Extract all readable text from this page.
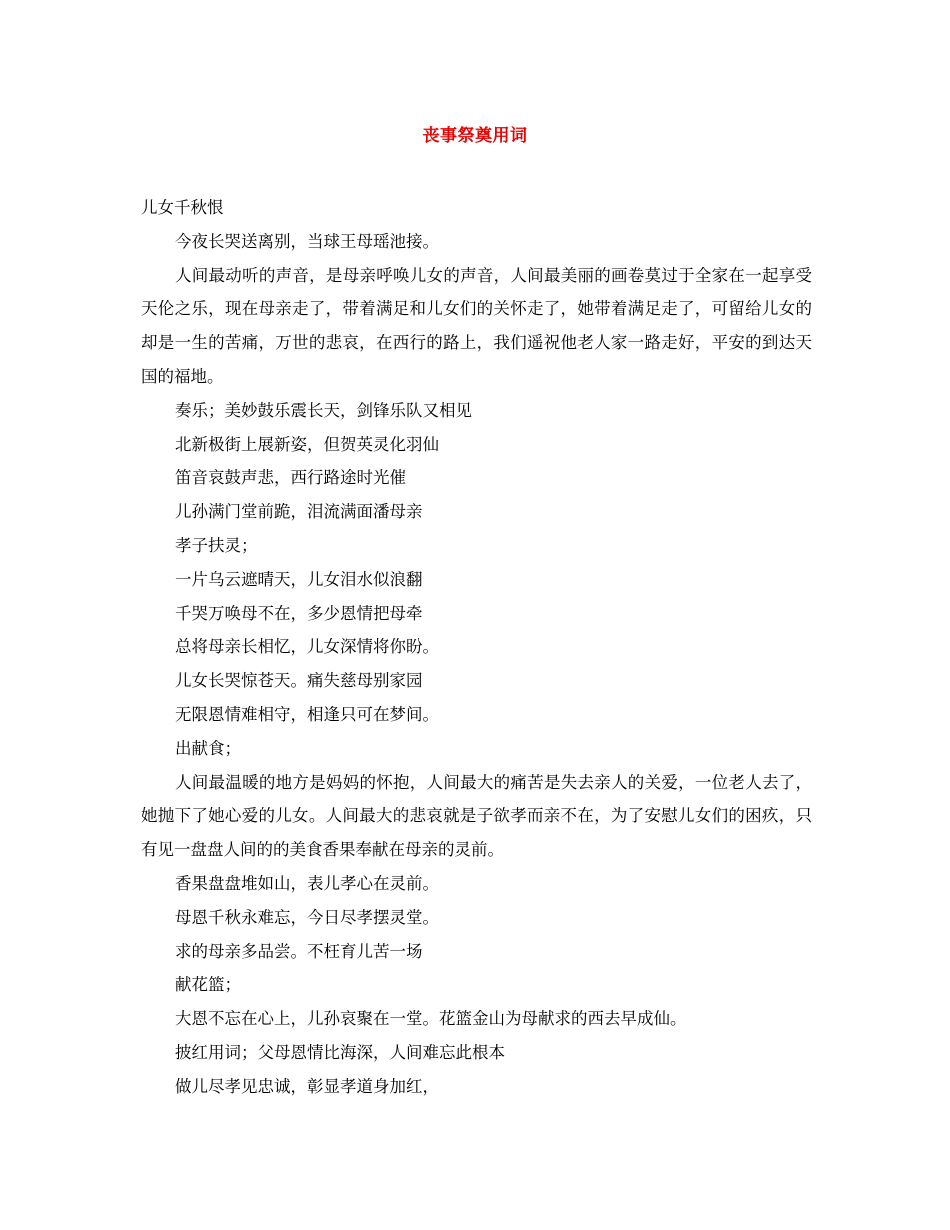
丧事祭奠用词

儿女千秋恨

今夜长哭送离别，当球王母瑶池接。

人间最动听的声音，是母亲呼唤儿女的声音，人间最美丽的画卷莫过于全家在一起享受天伦之乐，现在母亲走了，带着满足和儿女们的关怀走了，她带着满足走了，可留给儿女的却是一生的苦痛，万世的悲哀，在西行的路上，我们遥祝他老人家一路走好，平安的到达天国的福地。

奏乐；美妙鼓乐震长天，剑锋乐队又相见

北新极街上展新姿，但贺英灵化羽仙

笛音哀鼓声悲，西行路途时光催

儿孙满门堂前跪，泪流满面潘母亲

孝子扶灵；

一片乌云遮晴天，儿女泪水似浪翻

千哭万唤母不在，多少恩情把母牵

总将母亲长相忆，儿女深情将你盼。

儿女长哭惊苍天。痛失慈母别家园

无限恩情难相守，相逢只可在梦间。

出献食；

人间最温暖的地方是妈妈的怀抱，人间最大的痛苦是失去亲人的关爱，一位老人去了，她抛下了她心爱的儿女。人间最大的悲哀就是子欲孝而亲不在，为了安慰儿女们的困疚，只有见一盘盘人间的的美食香果奉献在母亲的灵前。

香果盘盘堆如山，表儿孝心在灵前。

母恩千秋永难忘，今日尽孝摆灵堂。

求的母亲多品尝。不枉育儿苦一场

献花篮；

大恩不忘在心上，儿孙哀聚在一堂。花篮金山为母献求的西去早成仙。

披红用词；父母恩情比海深，人间难忘此根本

做儿尽孝见忠诚，彰显孝道身加红，
